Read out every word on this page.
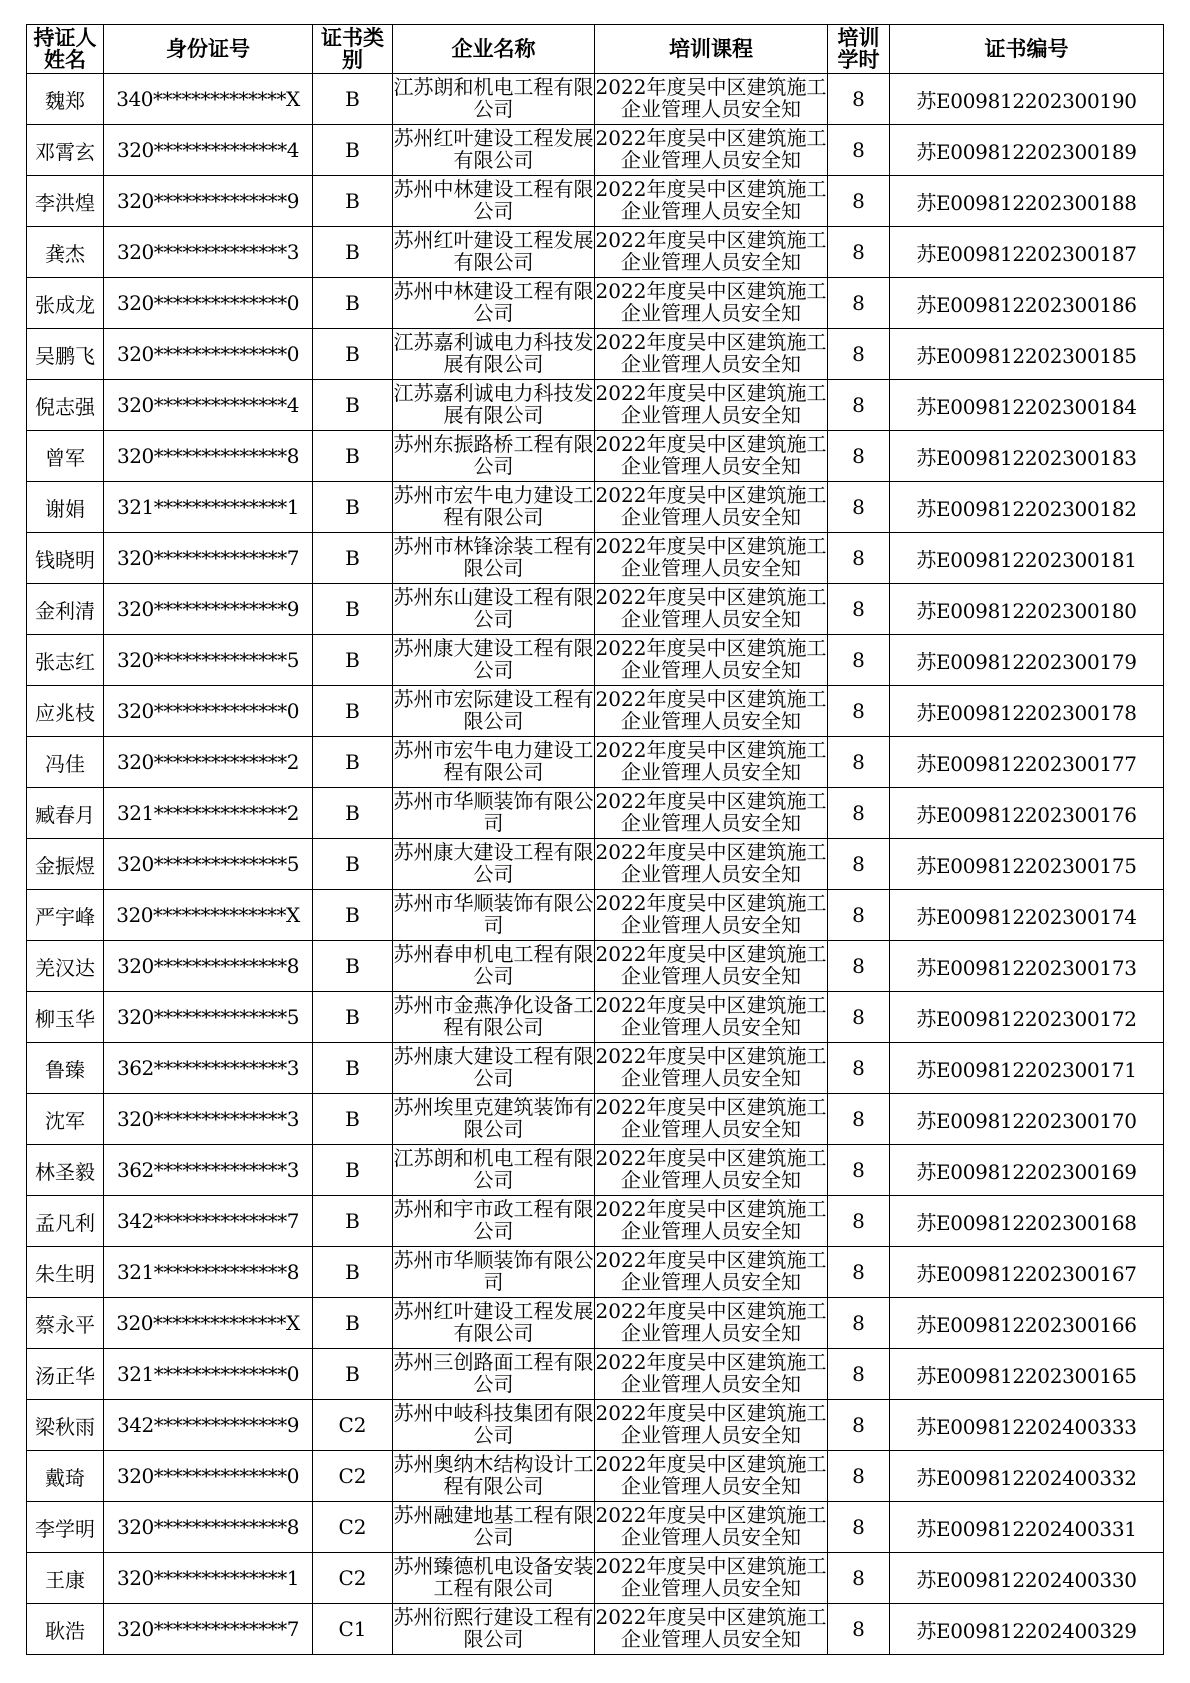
持证人姓名	身份证号	证书类别	企业名称	培训课程	培训学时	证书编号
魏郑	340**************X	B	江苏朗和机电工程有限公司	2022年度吴中区建筑施工企业管理人员安全知	8	苏E009812202300190
邓霄玄	320**************4	B	苏州红叶建设工程发展有限公司	2022年度吴中区建筑施工企业管理人员安全知	8	苏E009812202300189
李洪煌	320**************9	B	苏州中林建设工程有限公司	2022年度吴中区建筑施工企业管理人员安全知	8	苏E009812202300188
龚杰	320**************3	B	苏州红叶建设工程发展有限公司	2022年度吴中区建筑施工企业管理人员安全知	8	苏E009812202300187
张成龙	320**************0	B	苏州中林建设工程有限公司	2022年度吴中区建筑施工企业管理人员安全知	8	苏E009812202300186
吴鹏飞	320**************0	B	江苏嘉利诚电力科技发展有限公司	2022年度吴中区建筑施工企业管理人员安全知	8	苏E009812202300185
倪志强	320**************4	B	江苏嘉利诚电力科技发展有限公司	2022年度吴中区建筑施工企业管理人员安全知	8	苏E009812202300184
曾军	320**************8	B	苏州东振路桥工程有限公司	2022年度吴中区建筑施工企业管理人员安全知	8	苏E009812202300183
谢娟	321**************1	B	苏州市宏牛电力建设工程有限公司	2022年度吴中区建筑施工企业管理人员安全知	8	苏E009812202300182
钱晓明	320**************7	B	苏州市林锋涂装工程有限公司	2022年度吴中区建筑施工企业管理人员安全知	8	苏E009812202300181
金利清	320**************9	B	苏州东山建设工程有限公司	2022年度吴中区建筑施工企业管理人员安全知	8	苏E009812202300180
张志红	320**************5	B	苏州康大建设工程有限公司	2022年度吴中区建筑施工企业管理人员安全知	8	苏E009812202300179
应兆枝	320**************0	B	苏州市宏际建设工程有限公司	2022年度吴中区建筑施工企业管理人员安全知	8	苏E009812202300178
冯佳	320**************2	B	苏州市宏牛电力建设工程有限公司	2022年度吴中区建筑施工企业管理人员安全知	8	苏E009812202300177
臧春月	321**************2	B	苏州市华顺装饰有限公司	2022年度吴中区建筑施工企业管理人员安全知	8	苏E009812202300176
金振煜	320**************5	B	苏州康大建设工程有限公司	2022年度吴中区建筑施工企业管理人员安全知	8	苏E009812202300175
严宇峰	320**************X	B	苏州市华顺装饰有限公司	2022年度吴中区建筑施工企业管理人员安全知	8	苏E009812202300174
羌汉达	320**************8	B	苏州春申机电工程有限公司	2022年度吴中区建筑施工企业管理人员安全知	8	苏E009812202300173
柳玉华	320**************5	B	苏州市金燕净化设备工程有限公司	2022年度吴中区建筑施工企业管理人员安全知	8	苏E009812202300172
鲁臻	362**************3	B	苏州康大建设工程有限公司	2022年度吴中区建筑施工企业管理人员安全知	8	苏E009812202300171
沈军	320**************3	B	苏州埃里克建筑装饰有限公司	2022年度吴中区建筑施工企业管理人员安全知	8	苏E009812202300170
林圣毅	362**************3	B	江苏朗和机电工程有限公司	2022年度吴中区建筑施工企业管理人员安全知	8	苏E009812202300169
孟凡利	342**************7	B	苏州和宇市政工程有限公司	2022年度吴中区建筑施工企业管理人员安全知	8	苏E009812202300168
朱生明	321**************8	B	苏州市华顺装饰有限公司	2022年度吴中区建筑施工企业管理人员安全知	8	苏E009812202300167
蔡永平	320**************X	B	苏州红叶建设工程发展有限公司	2022年度吴中区建筑施工企业管理人员安全知	8	苏E009812202300166
汤正华	321**************0	B	苏州三创路面工程有限公司	2022年度吴中区建筑施工企业管理人员安全知	8	苏E009812202300165
梁秋雨	342**************9	C2	苏州中岐科技集团有限公司	2022年度吴中区建筑施工企业管理人员安全知	8	苏E009812202400333
戴琦	320**************0	C2	苏州奥纳木结构设计工程有限公司	2022年度吴中区建筑施工企业管理人员安全知	8	苏E009812202400332
李学明	320**************8	C2	苏州融建地基工程有限公司	2022年度吴中区建筑施工企业管理人员安全知	8	苏E009812202400331
王康	320**************1	C2	苏州臻德机电设备安装工程有限公司	2022年度吴中区建筑施工企业管理人员安全知	8	苏E009812202400330
耿浩	320**************7	C1	苏州衍熙行建设工程有限公司	2022年度吴中区建筑施工企业管理人员安全知	8	苏E009812202400329
